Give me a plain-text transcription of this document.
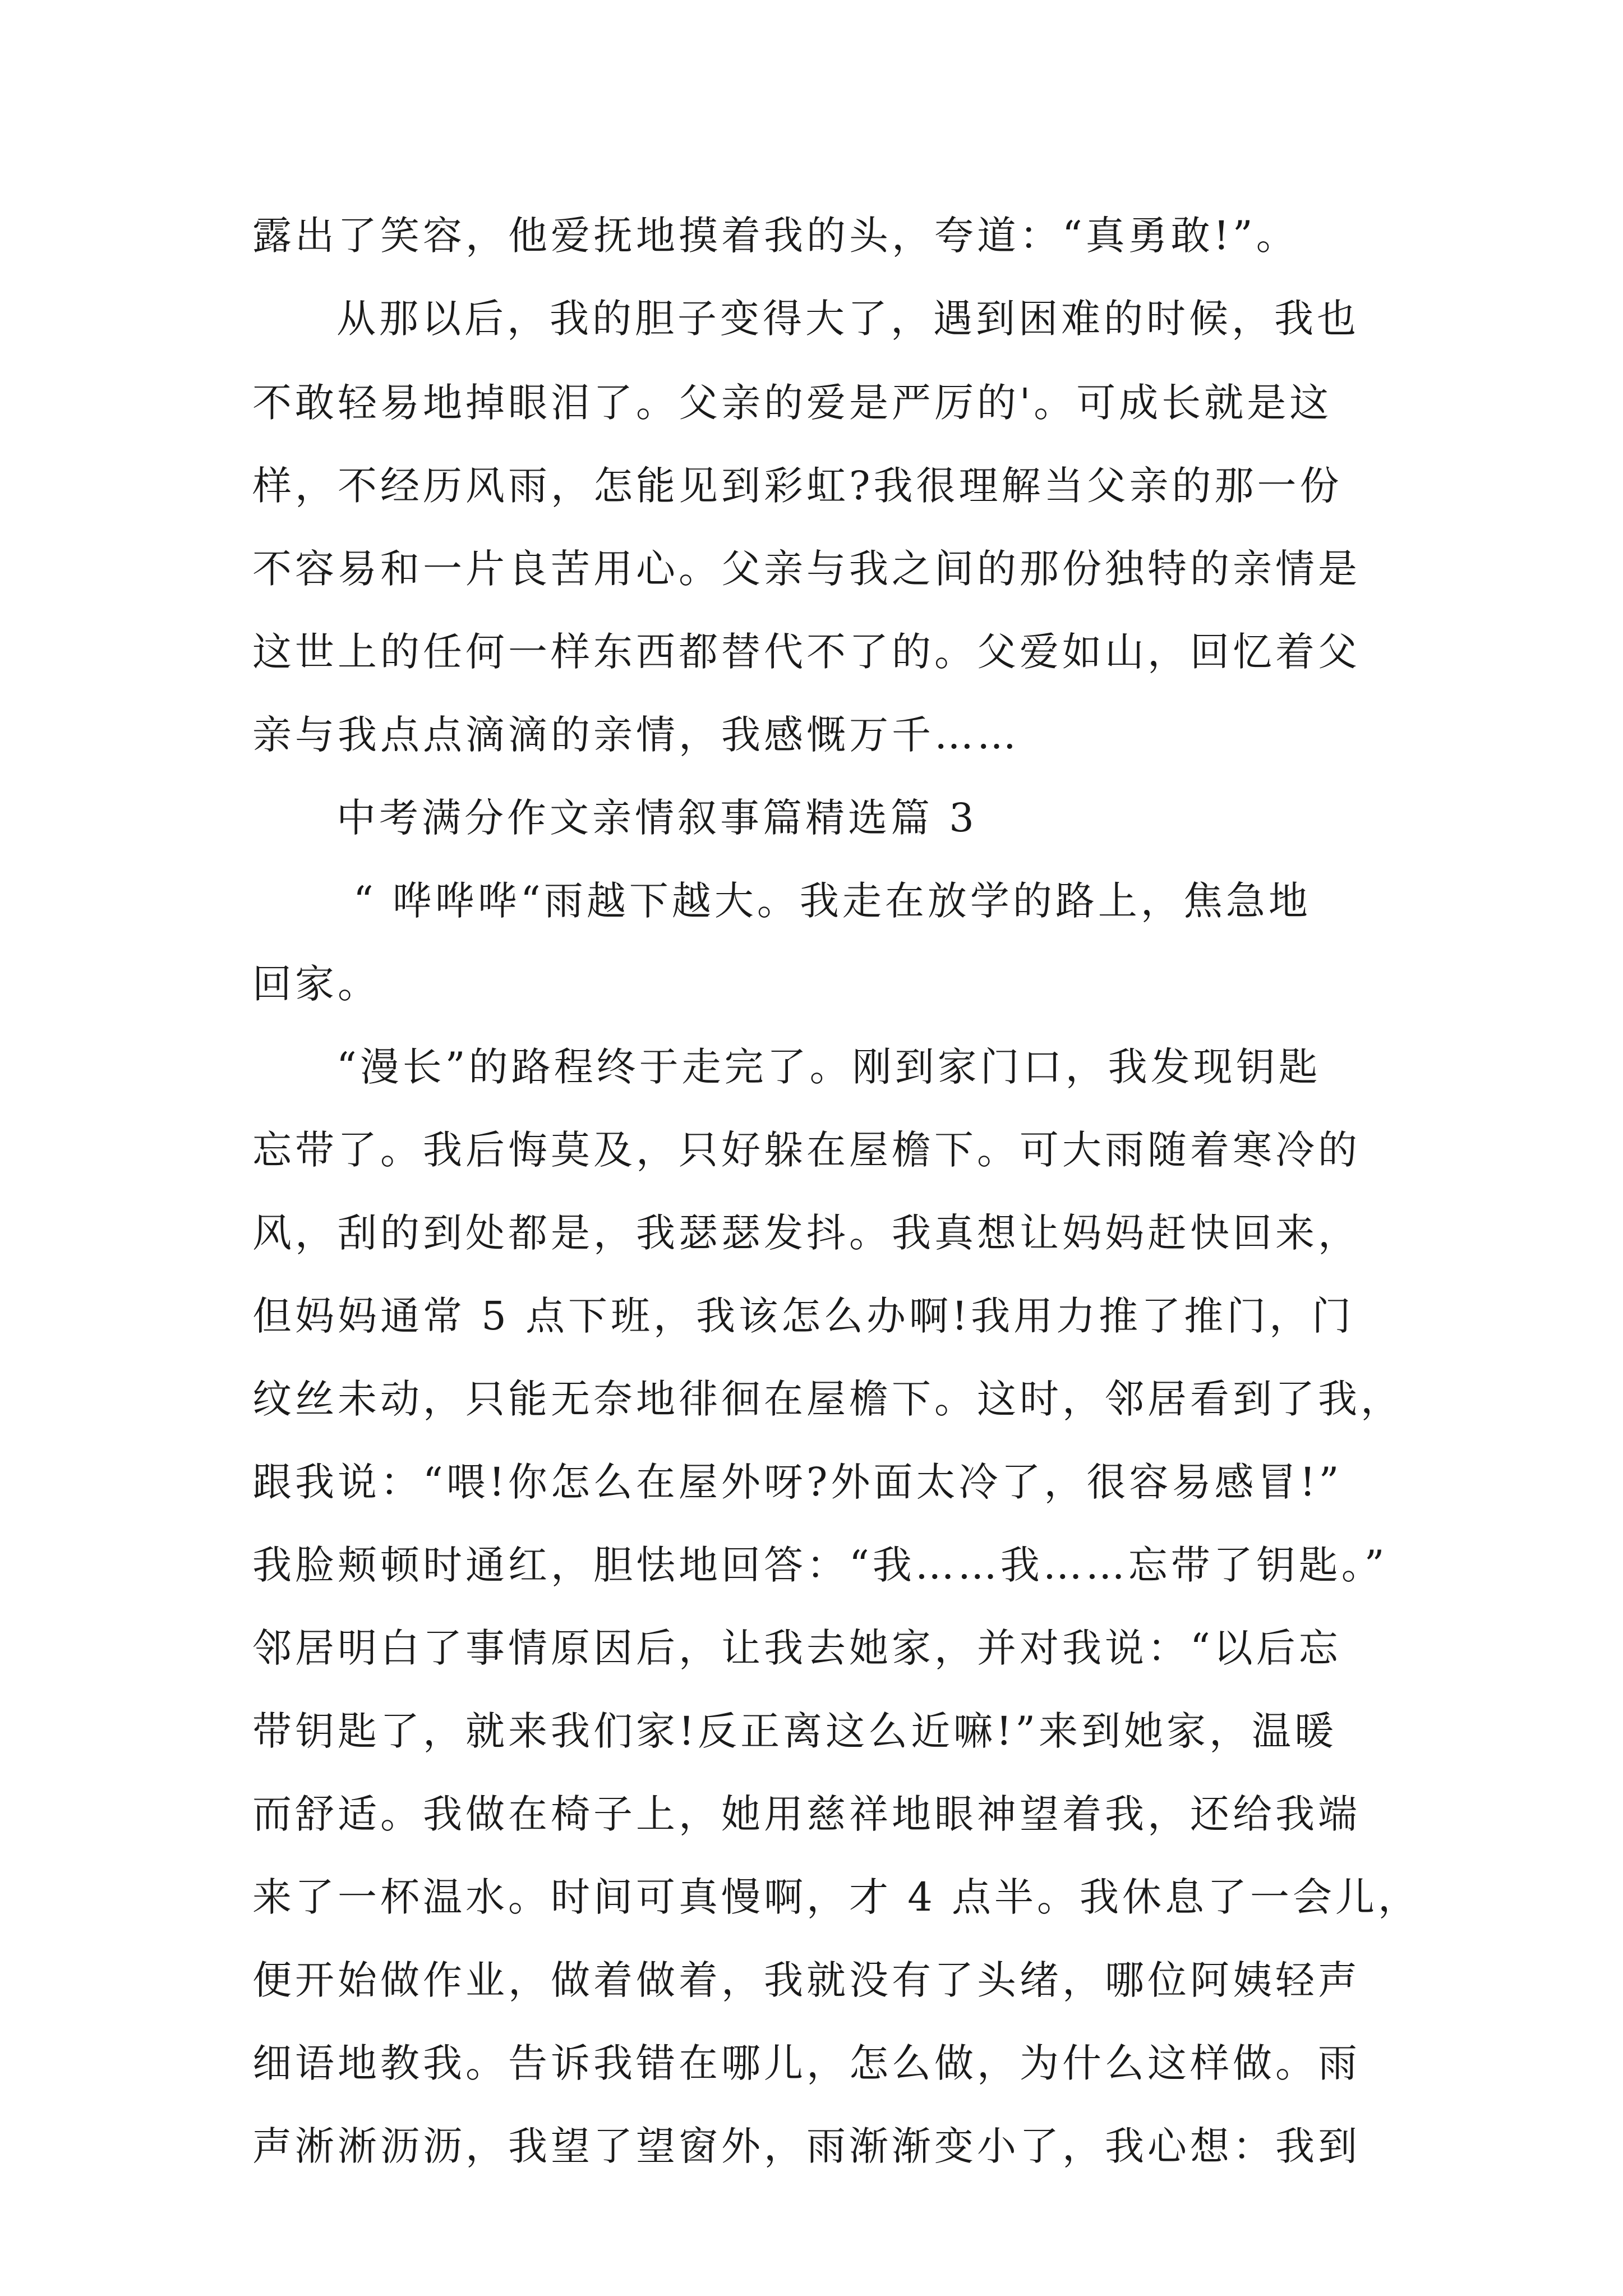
露出了笑容，他爱抚地摸着我的头，夸道：“真勇敢!”。
从那以后，我的胆子变得大了，遇到困难的时候，我也
不敢轻易地掉眼泪了。父亲的爱是严厉的'。可成长就是这
样，不经历风雨，怎能见到彩虹?我很理解当父亲的那一份
不容易和一片良苦用心。父亲与我之间的那份独特的亲情是
这世上的任何一样东西都替代不了的。父爱如山，回忆着父
亲与我点点滴滴的亲情，我感慨万千……
中考满分作文亲情叙事篇精选篇 3
“ 哗哗哗“雨越下越大。我走在放学的路上，焦急地
回家。
“漫长”的路程终于走完了。刚到家门口，我发现钥匙
忘带了。我后悔莫及，只好躲在屋檐下。可大雨随着寒冷的
风，刮的到处都是，我瑟瑟发抖。我真想让妈妈赶快回来，
但妈妈通常 5 点下班，我该怎么办啊!我用力推了推门，门
纹丝未动，只能无奈地徘徊在屋檐下。这时，邻居看到了我，
跟我说：“喂!你怎么在屋外呀?外面太冷了，很容易感冒!”
我脸颊顿时通红，胆怯地回答：“我……我……忘带了钥匙。”
邻居明白了事情原因后，让我去她家，并对我说：“以后忘
带钥匙了，就来我们家!反正离这么近嘛!”来到她家，温暖
而舒适。我做在椅子上，她用慈祥地眼神望着我，还给我端
来了一杯温水。时间可真慢啊，才 4 点半。我休息了一会儿，
便开始做作业，做着做着，我就没有了头绪，哪位阿姨轻声
细语地教我。告诉我错在哪儿，怎么做，为什么这样做。雨
声淅淅沥沥，我望了望窗外，雨渐渐变小了，我心想：我到
